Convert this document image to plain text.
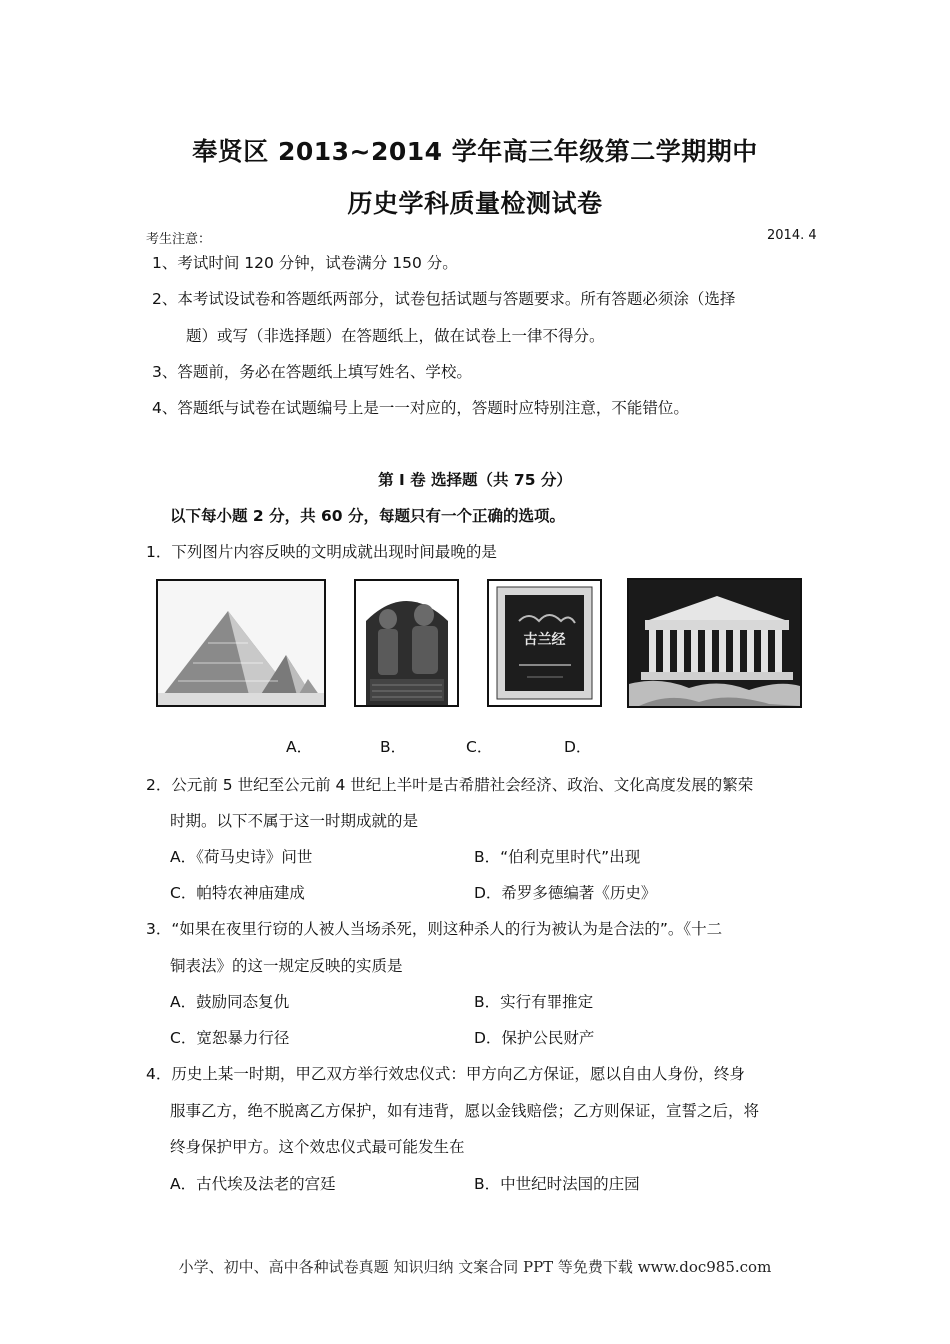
奉贤区 2013~2014 学年高三年级第二学期期中
历史学科质量检测试卷
考生注意：	2014. 4
1、考试时间 120 分钟，试卷满分 150 分。
2、本考试设试卷和答题纸两部分，试卷包括试题与答题要求。所有答题必须涂（选择
题）或写（非选择题）在答题纸上，做在试卷上一律不得分。
3、答题前，务必在答题纸上填写姓名、学校。
4、答题纸与试卷在试题编号上是一一对应的，答题时应特别注意，不能错位。
第 I 卷 选择题（共 75 分）
以下每小题 2 分，共 60 分，每题只有一个正确的选项。
1．下列图片内容反映的文明成就出现时间最晚的是
古兰经
A．	B．	C．	D．
2．公元前 5 世纪至公元前 4 世纪上半叶是古希腊社会经济、政治、文化高度发展的繁荣
时期。以下不属于这一时期成就的是
A．《荷马史诗》问世	B．“伯利克里时代”出现
C．帕特农神庙建成	D．希罗多德编著《历史》
3．“如果在夜里行窃的人被人当场杀死，则这种杀人的行为被认为是合法的”。《十二
铜表法》的这一规定反映的实质是
A．鼓励同态复仇	B．实行有罪推定
C．宽恕暴力行径	D．保护公民财产
4．历史上某一时期，甲乙双方举行效忠仪式：甲方向乙方保证，愿以自由人身份，终身
服事乙方，绝不脱离乙方保护，如有违背，愿以金钱赔偿；乙方则保证，宣誓之后，将
终身保护甲方。这个效忠仪式最可能发生在
A．古代埃及法老的宫廷	B．中世纪时法国的庄园
小学、初中、高中各种试卷真题 知识归纳 文案合同 PPT 等免费下载 www.doc985.com
